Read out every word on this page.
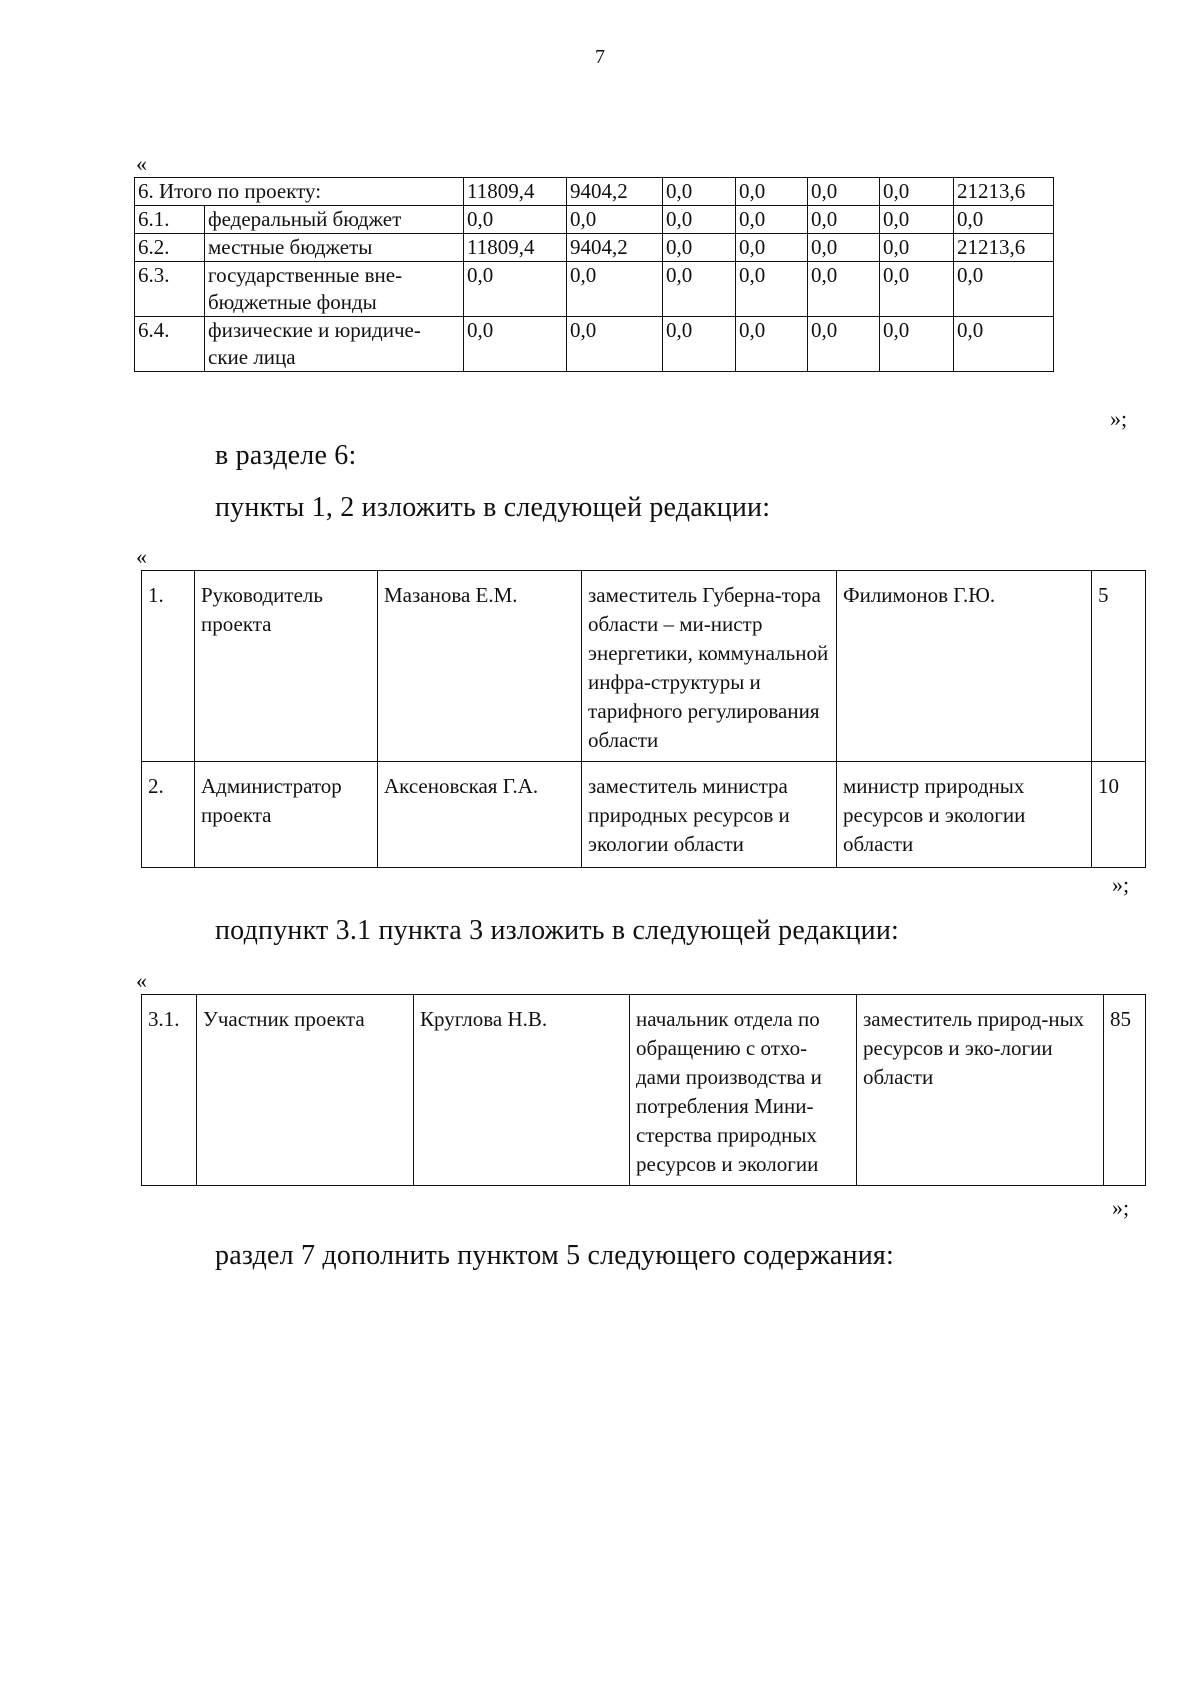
7
«
6. Итого по проекту:		11809,4	9404,2	0,0	0,0	0,0	0,0	21213,6
6.1.	федеральный бюджет	0,0	0,0	0,0	0,0	0,0	0,0	0,0
6.2.	местные бюджеты	11809,4	9404,2	0,0	0,0	0,0	0,0	21213,6
6.3.	государственные вне-бюджетные фонды	0,0	0,0	0,0	0,0	0,0	0,0	0,0
6.4.	физические и юридиче-ские лица	0,0	0,0	0,0	0,0	0,0	0,0	0,0
»;
в разделе 6:
пункты 1, 2 изложить в следующей редакции:
«
1.	Руководитель проекта	Мазанова Е.М.	заместитель Губерна-тора области – ми-нистр энергетики, коммунальной инфра-структуры и тарифного регулирования области	Филимонов Г.Ю.	5
2.	Администратор проекта	Аксеновская Г.А.	заместитель министра природных ресурсов и экологии области	министр природных ресурсов и экологии области	10
»;
подпункт 3.1 пункта 3 изложить в следующей редакции:
«
3.1.	Участник проекта	Круглова Н.В.	начальник отдела по обращению с отхо-дами производства и потребления Мини-стерства природных ресурсов и экологии	заместитель природ-ных ресурсов и эко-логии области	85
»;
раздел 7 дополнить пунктом 5 следующего содержания:
